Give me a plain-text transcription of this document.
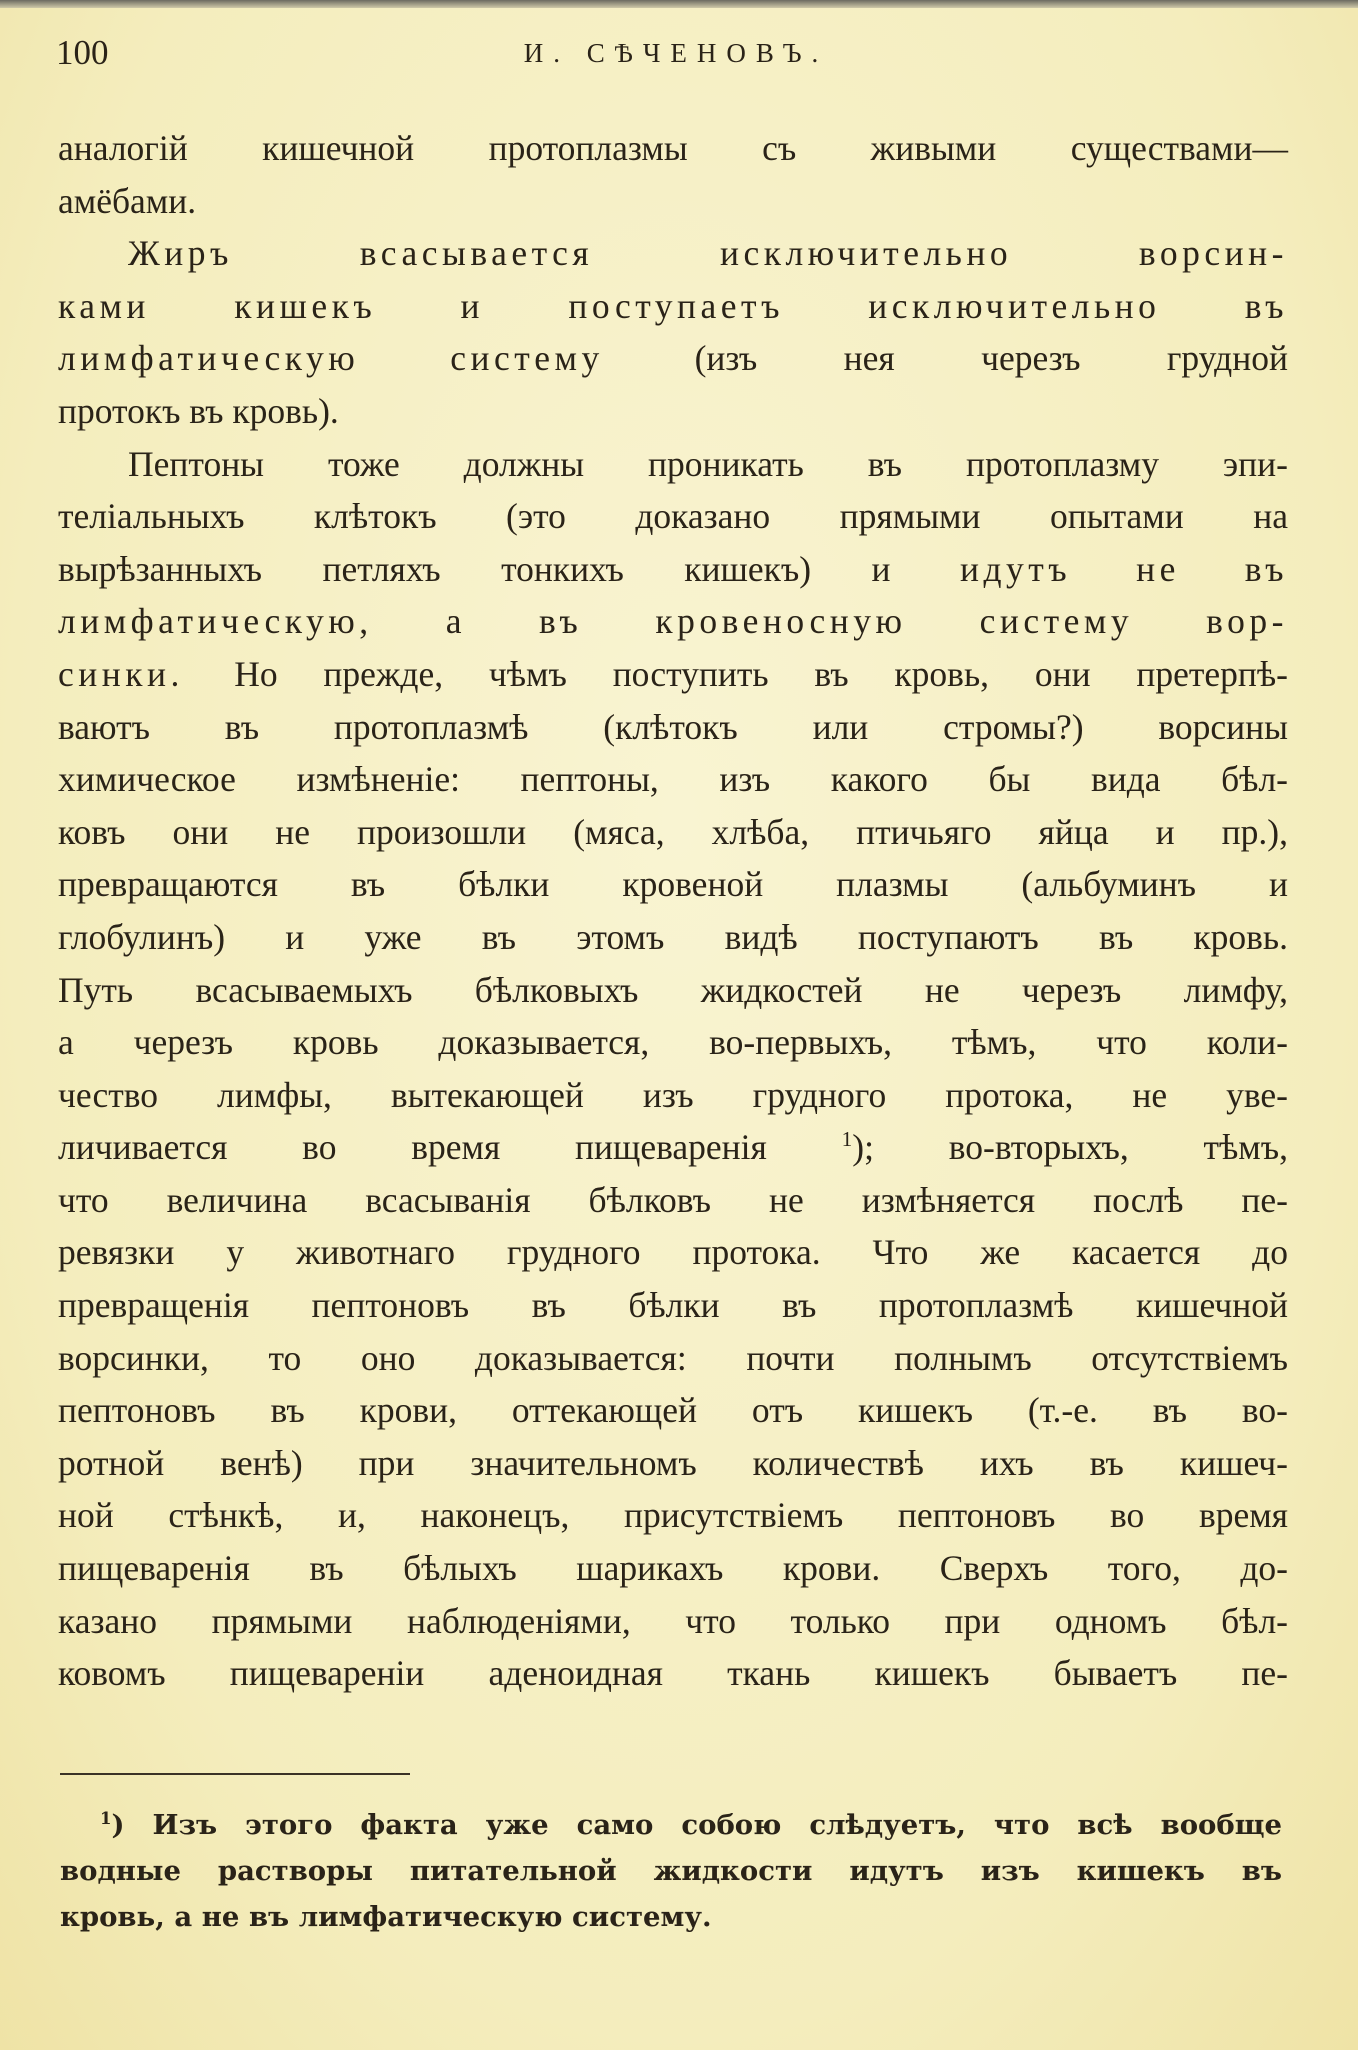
100	И. СѢЧЕНОВЪ.
аналогій кишечной протоплазмы съ живыми существами—
амёбами.
Жиръ всасывается исключительно ворсин-
ками кишекъ и поступаетъ исключительно въ
лимфатическую систему (изъ нея черезъ грудной
протокъ въ кровь).
Пептоны тоже должны проникать въ протоплазму эпи-
теліальныхъ клѣтокъ (это доказано прямыми опытами на
вырѣзанныхъ петляхъ тонкихъ кишекъ) и идутъ не въ
лимфатическую, а въ кровеносную систему вор-
синки. Но прежде, чѣмъ поступить въ кровь, они претерпѣ-
ваютъ въ протоплазмѣ (клѣтокъ или стромы?) ворсины
химическое измѣненіе: пептоны, изъ какого бы вида бѣл-
ковъ они не произошли (мяса, хлѣба, птичьяго яйца и пр.),
превращаются въ бѣлки кровеной плазмы (альбуминъ и
глобулинъ) и уже въ этомъ видѣ поступаютъ въ кровь.
Путь всасываемыхъ бѣлковыхъ жидкостей не черезъ лимфу,
а черезъ кровь доказывается, во-первыхъ, тѣмъ, что коли-
чество лимфы, вытекающей изъ грудного протока, не уве-
личивается во время пищеваренія	$^1$); во-вторыхъ, тѣмъ,
что величина всасыванія бѣлковъ не измѣняется послѣ пе-
ревязки у животнаго грудного протока. Что же касается до
превращенія пептоновъ въ бѣлки въ протоплазмѣ кишечной
ворсинки, то оно доказывается: почти полнымъ отсутствіемъ
пептоновъ въ крови, оттекающей отъ кишекъ (т.-е. въ во-
ротной венѣ) при значительномъ количествѣ ихъ въ кишеч-
ной стѣнкѣ, и, наконецъ, присутствіемъ пептоновъ во время
пищеваренія въ бѣлыхъ шарикахъ крови. Сверхъ того, до-
казано прямыми наблюденіями, что только при одномъ бѣл-
ковомъ пищевареніи аденоидная ткань кишекъ бываетъ пе-
$^1$) Изъ этого факта уже само собою слѣдуетъ, что всѣ вообще
водные растворы питательной жидкости идутъ изъ кишекъ въ
кровь, а не въ лимфатическую систему.
